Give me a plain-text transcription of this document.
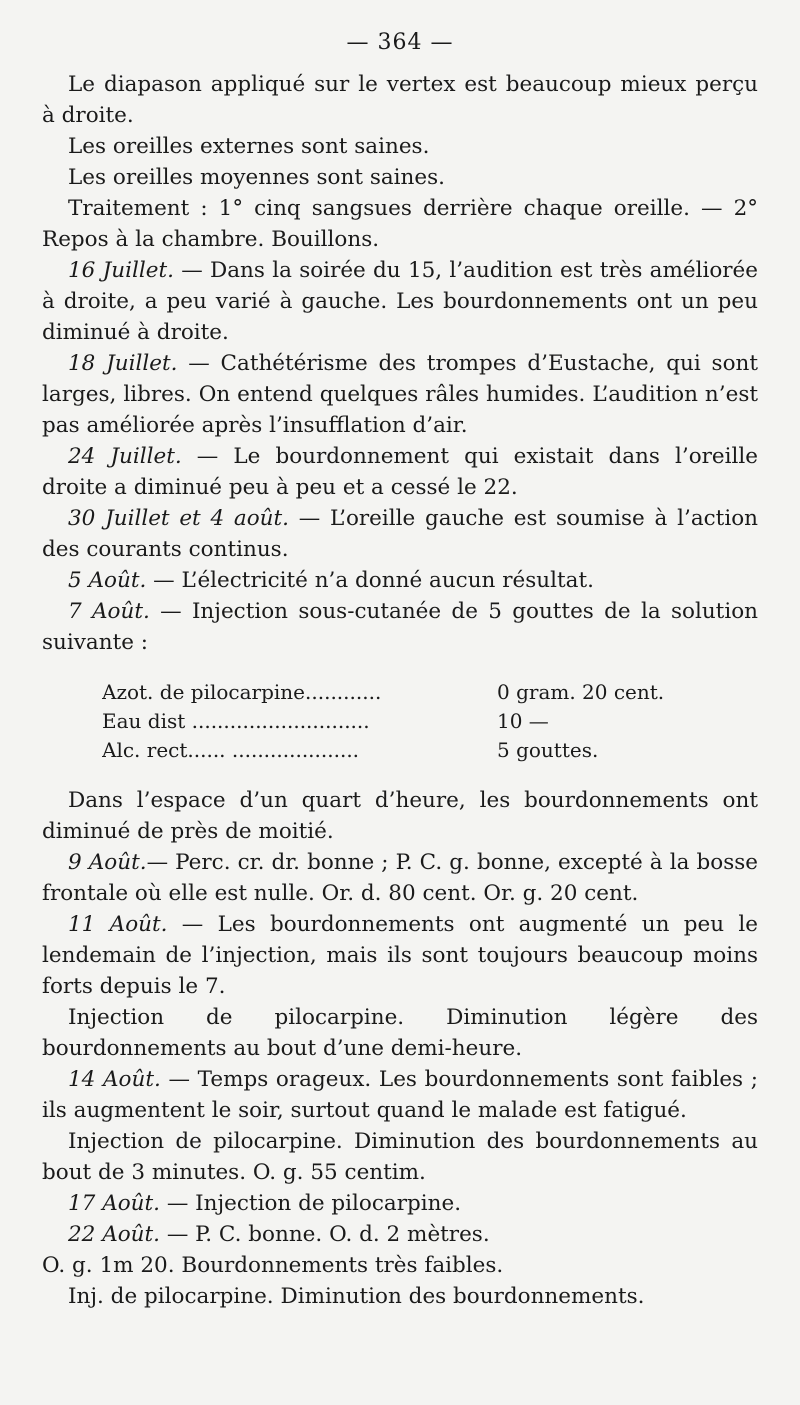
— 364 —

Le diapason appliqué sur le vertex est beaucoup mieux perçu à droite.

Les oreilles externes sont saines.

Les oreilles moyennes sont saines.

Traitement : 1° cinq sangsues derrière chaque oreille. — 2° Repos à la chambre. Bouillons.

16 Juillet. — Dans la soirée du 15, l’audition est très améliorée à droite, a peu varié à gauche. Les bourdonnements ont un peu diminué à droite.

18 Juillet. — Cathétérisme des trompes d’Eustache, qui sont larges, libres. On entend quelques râles humides. L’audition n’est pas améliorée après l’insufflation d’air.

24 Juillet. — Le bourdonnement qui existait dans l’oreille droite a diminué peu à peu et a cessé le 22.

30 Juillet et 4 août. — L’oreille gauche est soumise à l’action des courants continus.

5 Août. — L’électricité n’a donné aucun résultat.

7 Août. — Injection sous-cutanée de 5 gouttes de la solution suivante :

Azot. de pilocarpine............	0 gram. 20 cent.
Eau dist ............................	10 —
Alc. rect...... ....................	5 gouttes.

Dans l’espace d’un quart d’heure, les bourdonnements ont diminué de près de moitié.

9 Août.— Perc. cr. dr. bonne ; P. C. g. bonne, excepté à la bosse frontale où elle est nulle. Or. d. 80 cent. Or. g. 20 cent.

11 Août. — Les bourdonnements ont augmenté un peu le lendemain de l’injection, mais ils sont toujours beaucoup moins forts depuis le 7.

Injection de pilocarpine. Diminution légère des bourdonnements au bout d’une demi-heure.

14 Août. — Temps orageux. Les bourdonnements sont faibles ; ils augmentent le soir, surtout quand le malade est fatigué.

Injection de pilocarpine. Diminution des bourdonnements au bout de 3 minutes. O. g. 55 centim.

17 Août. — Injection de pilocarpine.

22 Août. — P. C. bonne. O. d. 2 mètres.

O. g. 1m 20. Bourdonnements très faibles.

Inj. de pilocarpine. Diminution des bourdonnements.
